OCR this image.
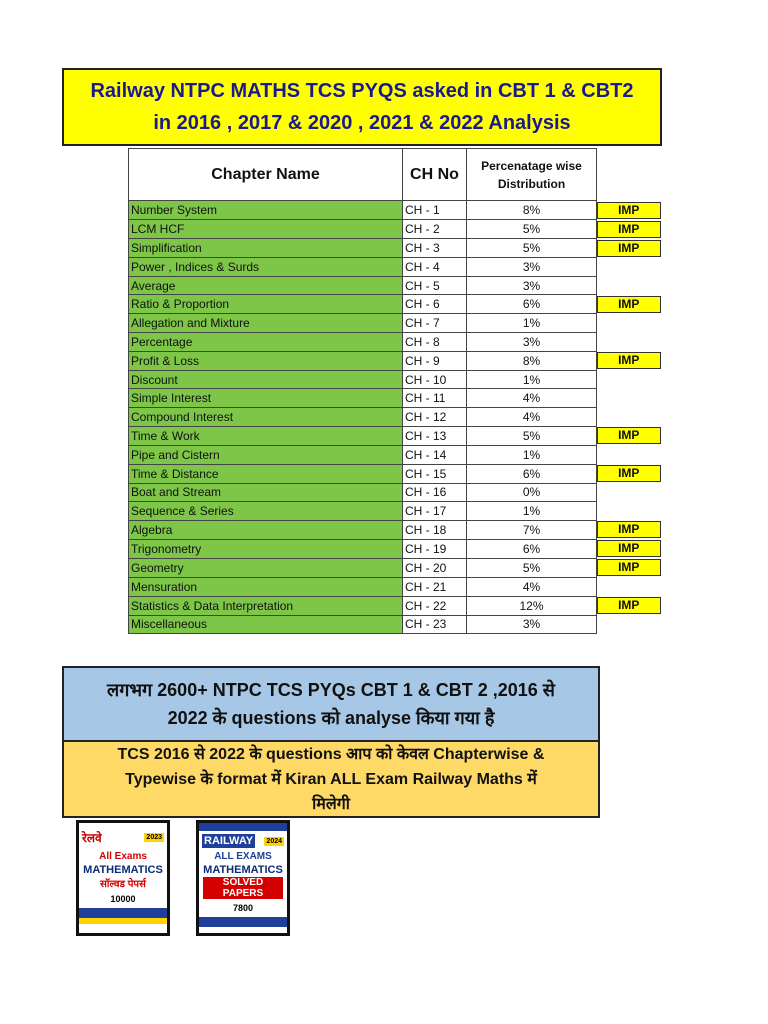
Railway NTPC MATHS TCS PYQS asked in CBT 1 & CBT2
in 2016 , 2017 & 2020 , 2021 & 2022 Analysis
Chapter Name	CH No	Percenatage wise
Distribution	

Number System	CH - 1	8%	IMP

LCM HCF	CH - 2	5%	IMP

Simplification	CH - 3	5%	IMP

Power , Indices & Surds	CH - 4	3%	
Average	CH - 5	3%	
Ratio & Proportion	CH - 6	6%	IMP

Allegation and Mixture	CH - 7	1%	
Percentage	CH - 8	3%	
Profit & Loss	CH - 9	8%	IMP

Discount	CH - 10	1%	
Simple Interest	CH - 11	4%	
Compound Interest	CH - 12	4%	
Time & Work	CH - 13	5%	IMP

Pipe and Cistern	CH - 14	1%	
Time & Distance	CH - 15	6%	IMP

Boat and Stream	CH - 16	0%	
Sequence & Series	CH - 17	1%	
Algebra	CH - 18	7%	IMP

Trigonometry	CH - 19	6%	IMP

Geometry	CH - 20	5%	IMP

Mensuration	CH - 21	4%	
Statistics & Data Interpretation	CH - 22	12%	IMP

Miscellaneous	CH - 23	3%	
लगभग 2600+ NTPC TCS PYQs CBT 1 & CBT 2 ,2016 से
2022 के questions को analyse किया गया है
TCS 2016 से 2022 के questions आप को केवल Chapterwise &
Typewise के format में Kiran ALL Exam Railway Maths में
मिलेगी
रेलवे	2023
All Exams
MATHEMATICS
सॉल्वड पेपर्स
10000
RAILWAY 2024
ALL EXAMS
MATHEMATICS
SOLVED PAPERS
7800
